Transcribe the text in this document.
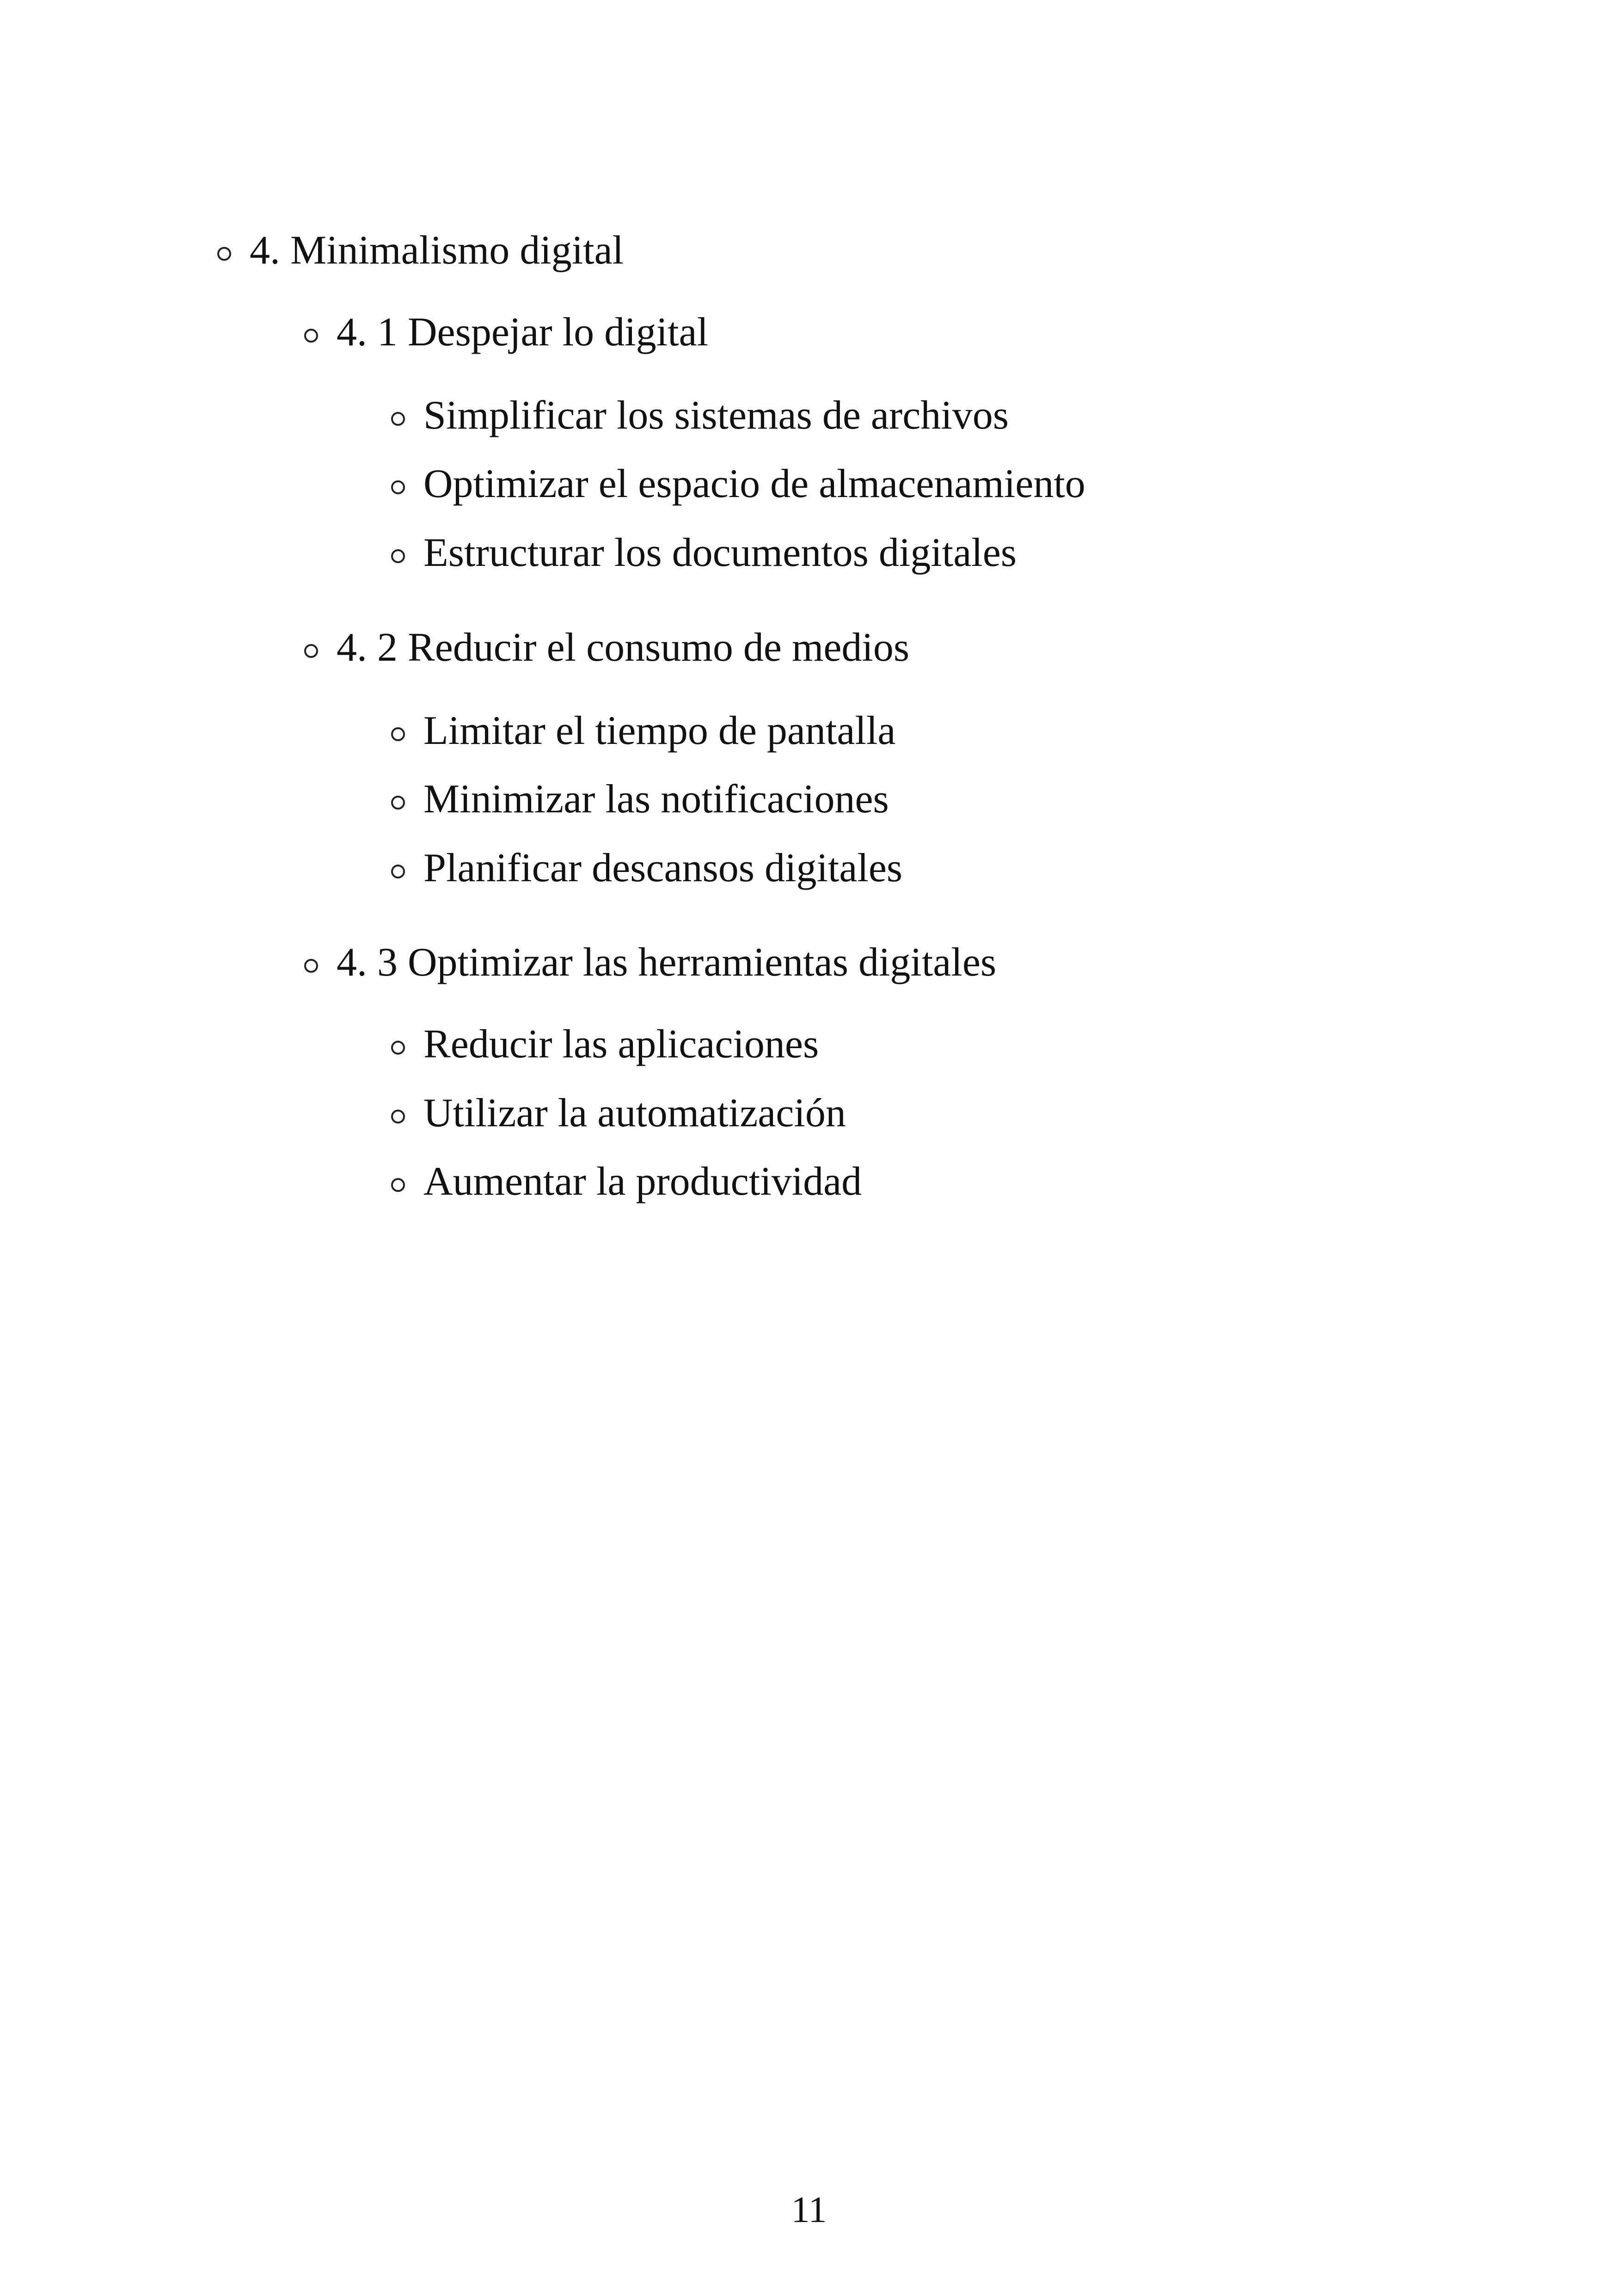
4. Minimalismo digital
4. 1 Despejar lo digital
Simplificar los sistemas de archivos
Optimizar el espacio de almacenamiento
Estructurar los documentos digitales
4. 2 Reducir el consumo de medios
Limitar el tiempo de pantalla
Minimizar las notificaciones
Planificar descansos digitales
4. 3 Optimizar las herramientas digitales
Reducir las aplicaciones
Utilizar la automatización
Aumentar la productividad
11
